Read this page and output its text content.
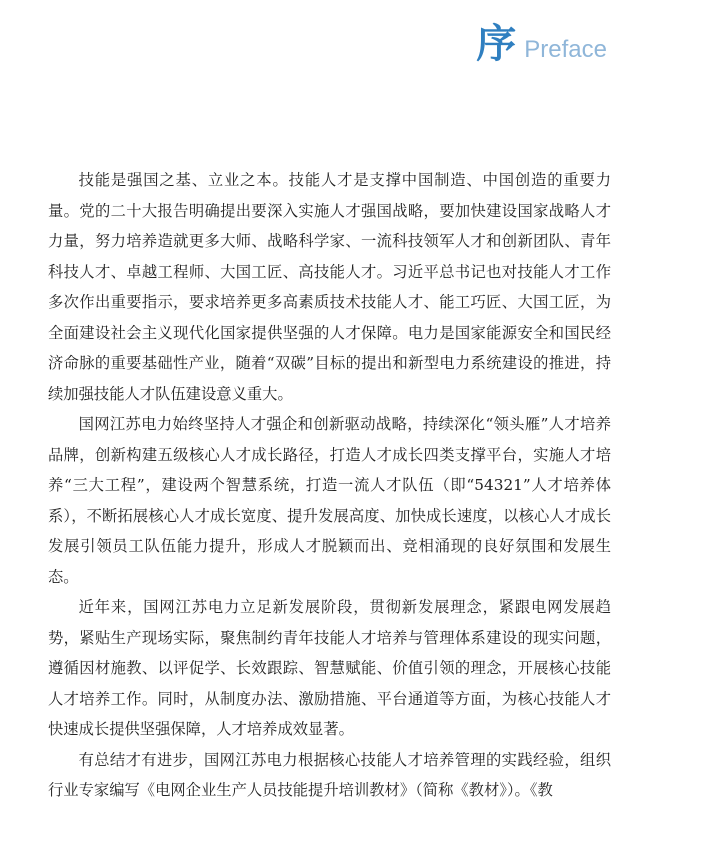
序 Preface

技能是强国之基、立业之本。技能人才是支撑中国制造、中国创造的重要力量。党的二十大报告明确提出要深入实施人才强国战略，要加快建设国家战略人才力量，努力培养造就更多大师、战略科学家、一流科技领军人才和创新团队、青年科技人才、卓越工程师、大国工匠、高技能人才。习近平总书记也对技能人才工作多次作出重要指示，要求培养更多高素质技术技能人才、能工巧匠、大国工匠，为全面建设社会主义现代化国家提供坚强的人才保障。电力是国家能源安全和国民经济命脉的重要基础性产业，随着“双碳”目标的提出和新型电力系统建设的推进，持续加强技能人才队伍建设意义重大。

国网江苏电力始终坚持人才强企和创新驱动战略，持续深化“领头雁”人才培养品牌，创新构建五级核心人才成长路径，打造人才成长四类支撑平台，实施人才培养“三大工程”，建设两个智慧系统，打造一流人才队伍（即“54321”人才培养体系），不断拓展核心人才成长宽度、提升发展高度、加快成长速度，以核心人才成长发展引领员工队伍能力提升，形成人才脱颖而出、竞相涌现的良好氛围和发展生态。

近年来，国网江苏电力立足新发展阶段，贯彻新发展理念，紧跟电网发展趋势，紧贴生产现场实际，聚焦制约青年技能人才培养与管理体系建设的现实问题，遵循因材施教、以评促学、长效跟踪、智慧赋能、价值引领的理念，开展核心技能人才培养工作。同时，从制度办法、激励措施、平台通道等方面，为核心技能人才快速成长提供坚强保障，人才培养成效显著。

有总结才有进步，国网江苏电力根据核心技能人才培养管理的实践经验，组织行业专家编写《电网企业生产人员技能提升培训教材》（简称《教材》）。《教
